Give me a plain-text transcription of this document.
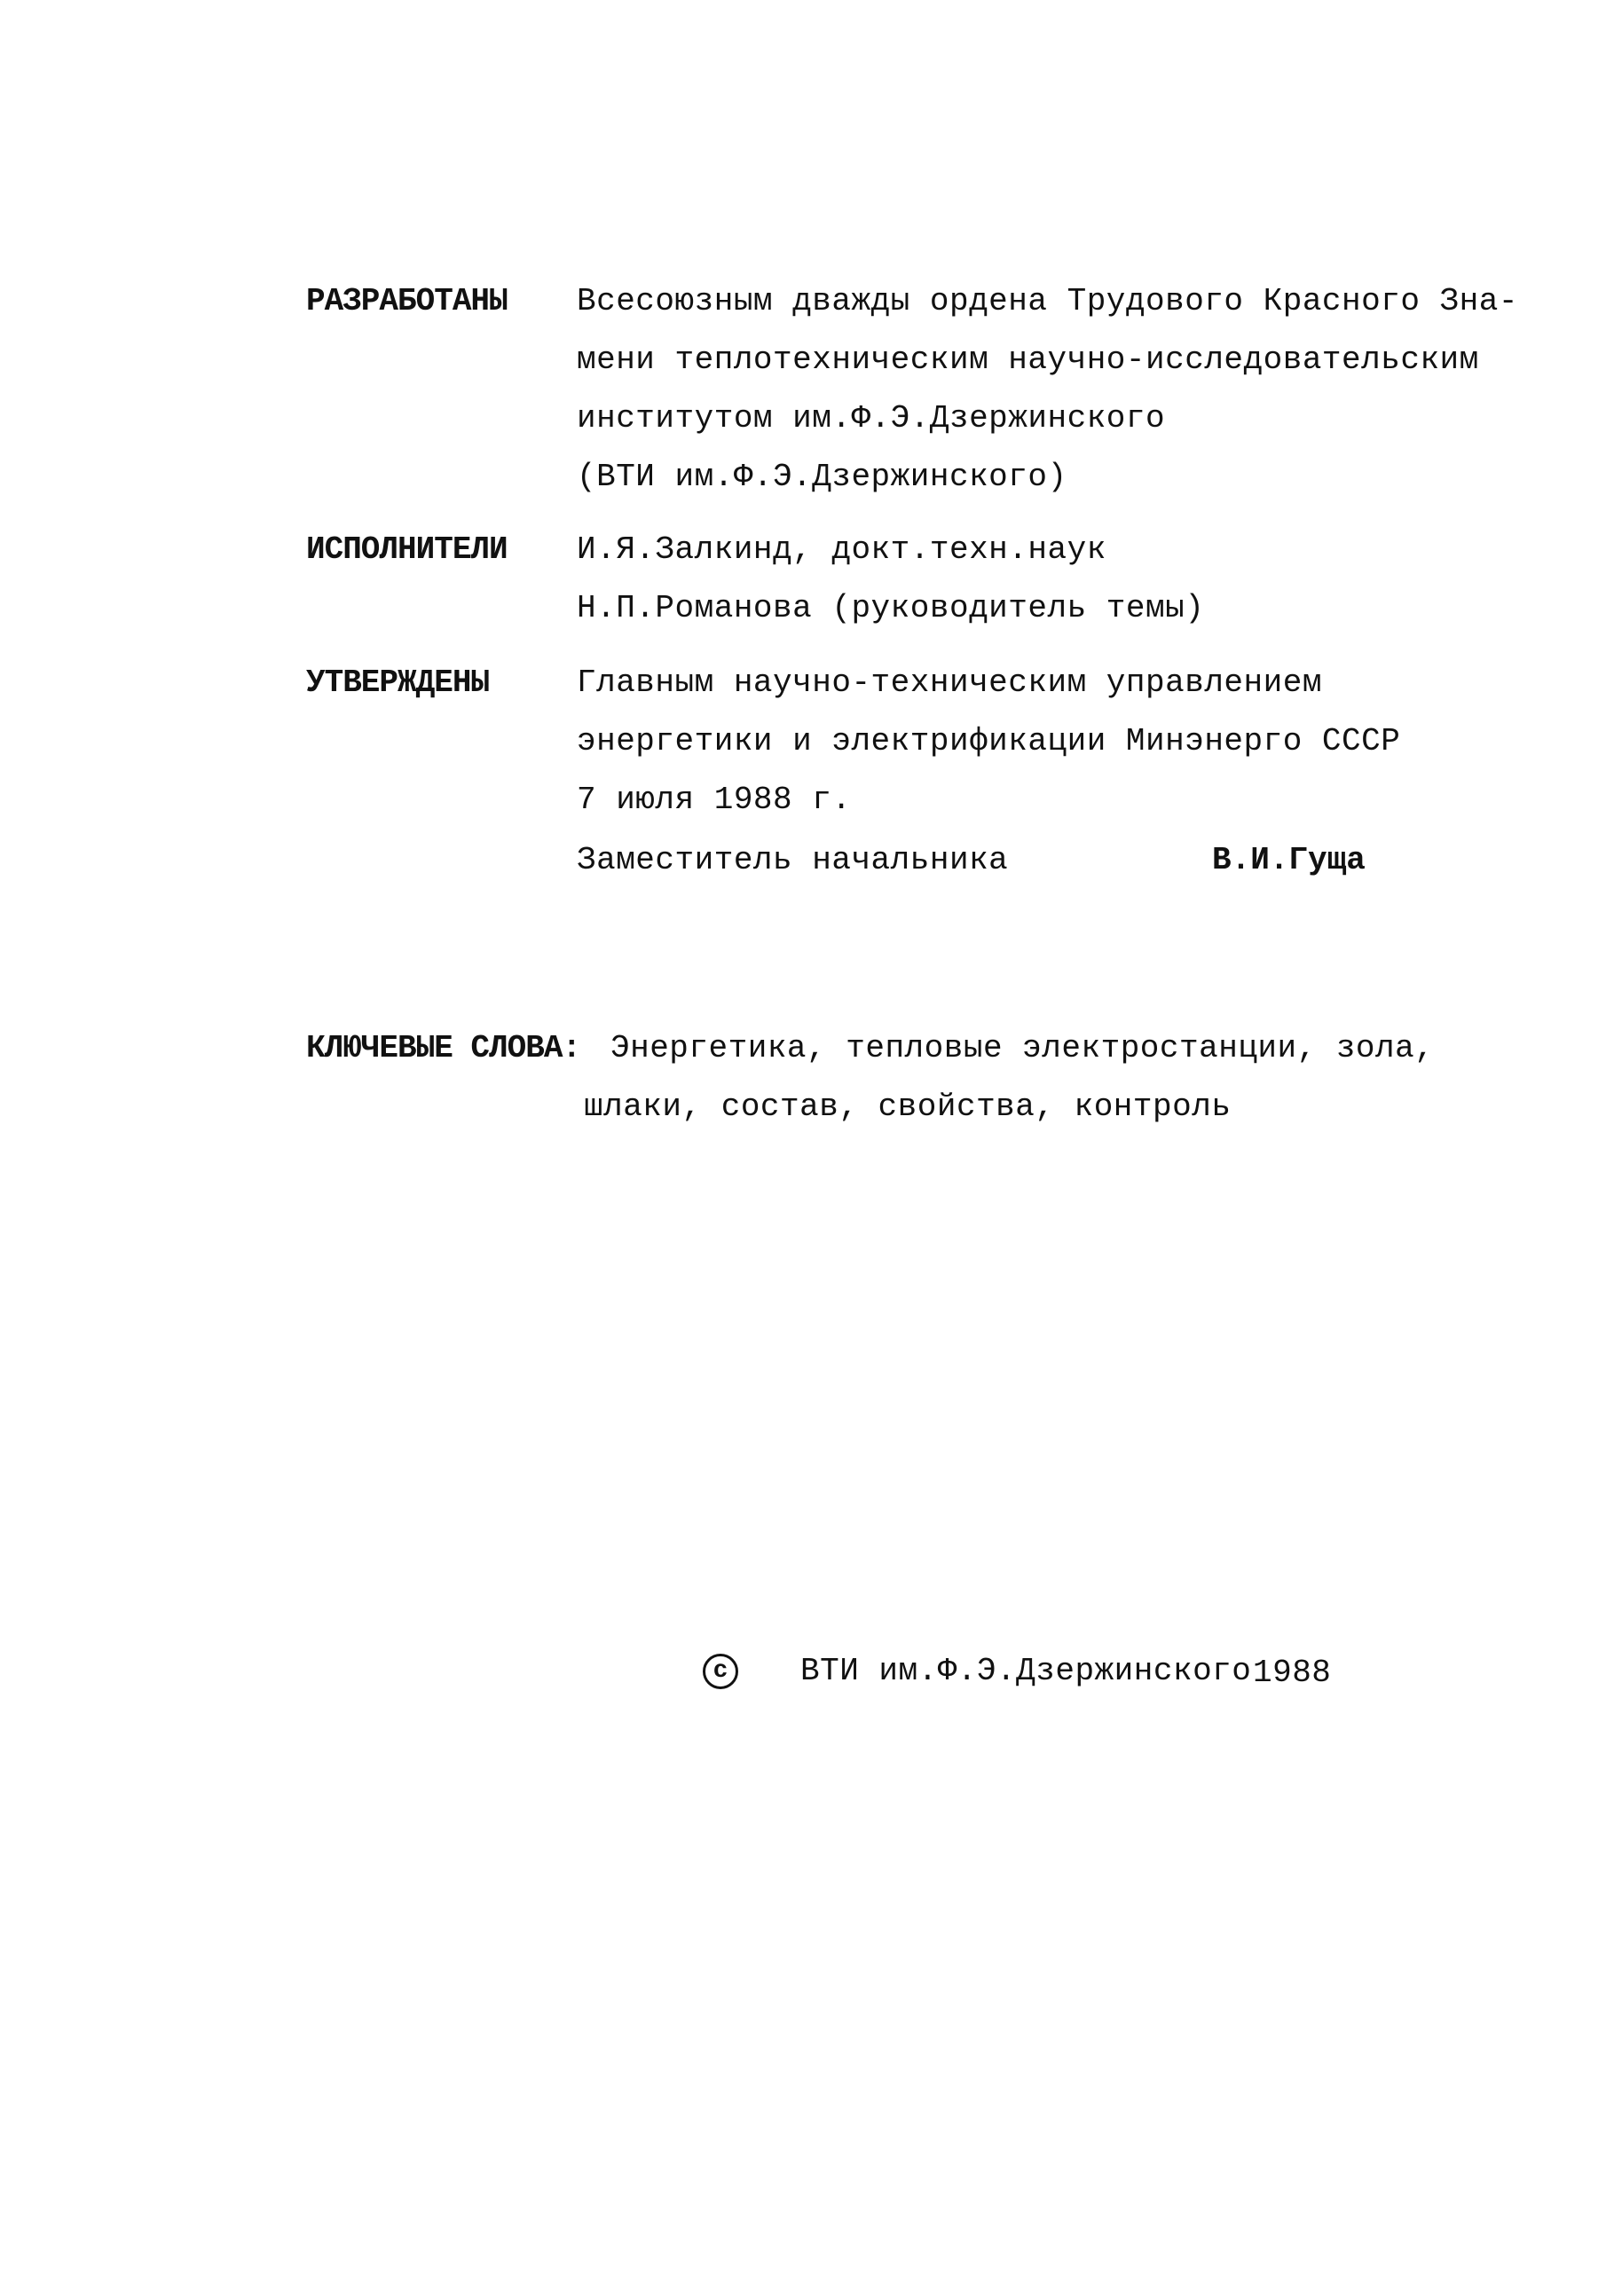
РАЗРАБОТАНЫ Всесоюзным дважды ордена Трудового Красного Зна-
мени теплотехническим научно-исследовательским
институтом им.Ф.Э.Дзержинского
(ВТИ им.Ф.Э.Дзержинского)
ИСПОЛНИТЕЛИ И.Я.Залкинд, докт.техн.наук
Н.П.Романова (руководитель темы)
УТВЕРЖДЕНЫ	Главным научно-техническим управлением
энергетики и электрификации Минэнерго СССР
7 июля 1988 г.
Заместитель начальника	В.И.Гуща
КЛЮЧЕВЫЕ СЛОВА: Энергетика, тепловые электростанции, зола,
шлаки, состав, свойства, контроль
с	ВТИ им.Ф.Э.Дзержинского 1988
